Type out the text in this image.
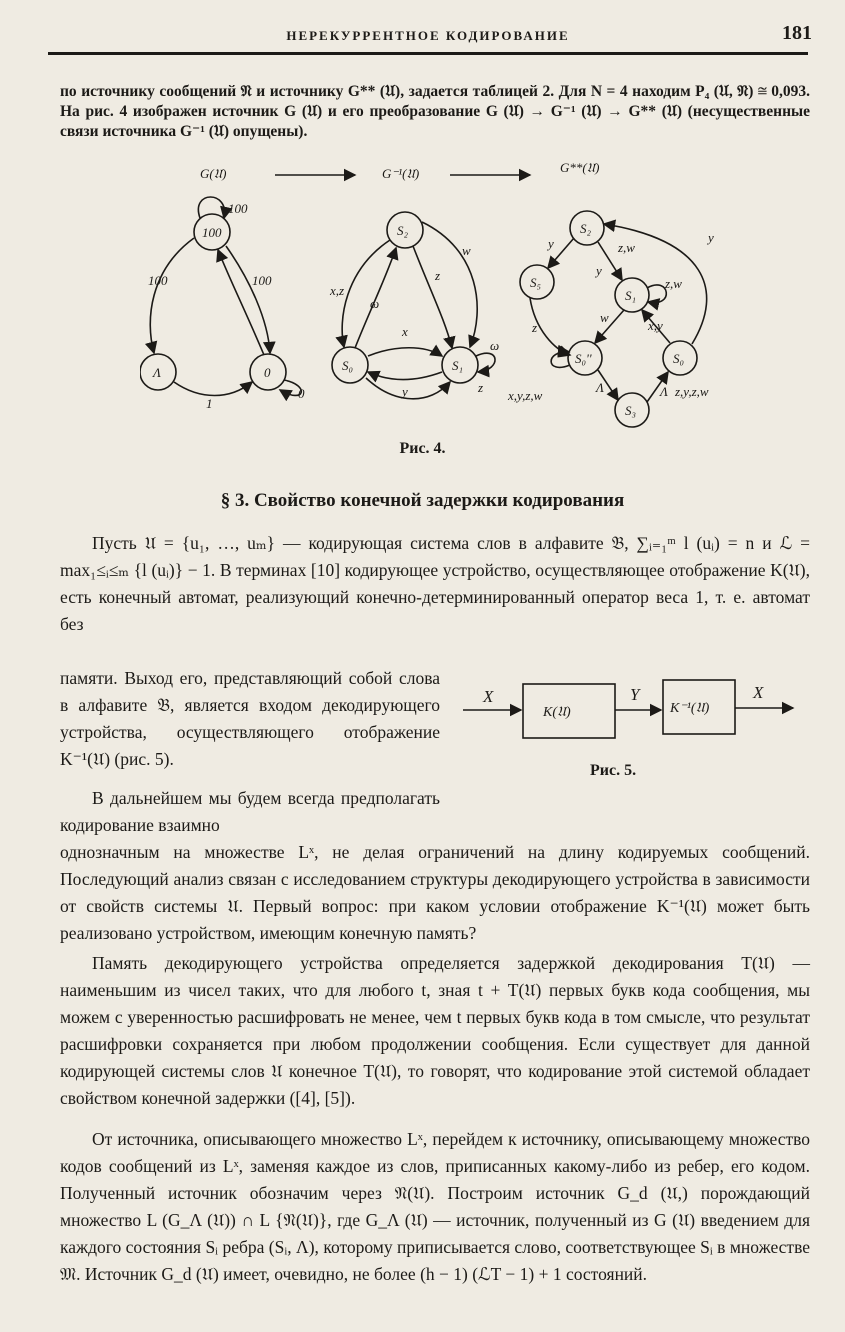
НЕРЕКУРРЕНТНОЕ КОДИРОВАНИЕ	181

по источнику сообщений 𝔑 и источнику G** (𝔘), задается таблицей 2. Для N = 4 находим P₄ (𝔘, 𝔑) ≅ 0,093. На рис. 4 изображен источник G (𝔘) и его преобразование G (𝔘) → G⁻¹ (𝔘) → G** (𝔘) (несущественные связи источника G⁻¹ (𝔘) опущены).

G(𝔘)	G⁻¹(𝔘)	G**(𝔘)
100
Λ	0
100
100	100
1
0
S₂
S₀	S₁
x,z
ω
z
w
x
y
ω
z
S₂
S₅
S₁
S₀''	S₀
S₃
y	z,w
y
z,w
y
z
w
x,y
x,y,z,w
Λ	Λ z,y,z,w
Рис. 4.
§ 3. Свойство конечной задержки кодирования

Пусть 𝔘 = {u₁, …, uₘ} — кодирующая система слов в алфавите 𝔅, ∑ᵢ₌₁ᵐ l (uᵢ) = n и ℒ = max₁≤ᵢ≤ₘ {l (uᵢ)} − 1. В терминах [10] кодирующее устройство, осуществляющее отображение K(𝔘), есть конечный автомат, реализующий конечно-детерминированный оператор веса 1, т. е. автомат без

памяти. Выход его, представляющий собой слова в алфавите 𝔅, является входом декодирующего устройства, осуществляющего отображение K⁻¹(𝔘) (рис. 5).

В дальнейшем мы будем всегда предполагать кодирование взаимно

X	Y	X
K(𝔘)	K⁻¹(𝔘)
Рис. 5.

однозначным на множестве Lˣ, не делая ограничений на длину кодируемых сообщений. Последующий анализ связан с исследованием структуры декодирующего устройства в зависимости от свойств системы 𝔘. Первый вопрос: при каком условии отображение K⁻¹(𝔘) может быть реализовано устройством, имеющим конечную память?

Память декодирующего устройства определяется задержкой декодирования T(𝔘) — наименьшим из чисел таких, что для любого t, зная t + T(𝔘) первых букв кода сообщения, мы можем с уверенностью расшифровать не менее, чем t первых букв кода в том смысле, что результат расшифровки сохраняется при любом продолжении сообщения. Если существует для данной кодирующей системы слов 𝔘 конечное T(𝔘), то говорят, что кодирование этой системой обладает свойством конечной задержки ([4], [5]).

От источника, описывающего множество Lˣ, перейдем к источнику, описывающему множество кодов сообщений из Lˣ, заменяя каждое из слов, приписанных какому-либо из ребер, его кодом. Полученный источник обозначим через 𝔑(𝔘). Построим источник G_d (𝔘,) порождающий множество L (G_Λ (𝔘)) ∩ L {𝔑(𝔘)}, где G_Λ (𝔘) — источник, полученный из G (𝔘) введением для каждого состояния Sᵢ ребра (Sᵢ, Λ), которому приписывается слово, соответствующее Sᵢ в множестве 𝔐. Источник G_d (𝔘) имеет, очевидно, не более (h − 1) (ℒT − 1) + 1 состояний.
